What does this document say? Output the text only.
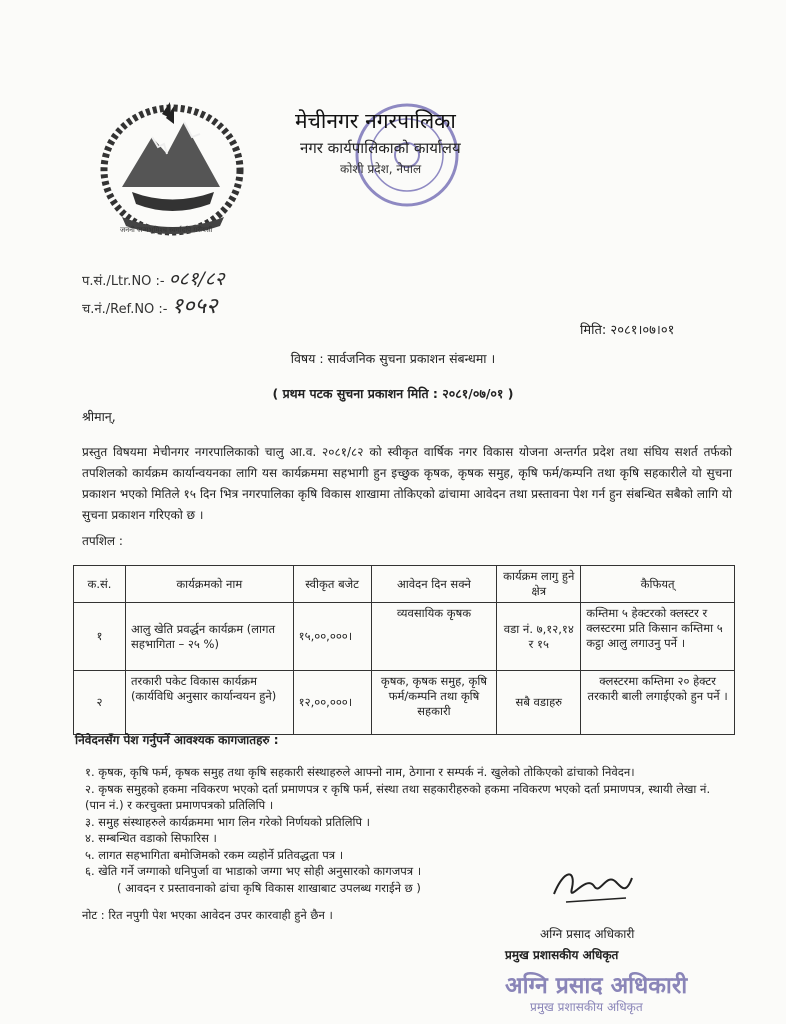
जननी जन्मभूमिश्च स्वर्गादपि गरीयसी
मेचीनगर नगरपालिका
नगर कार्यपालिकाको कार्यालय
कोशी प्रदेश, नेपाल
प.सं./Ltr.NO :- ०८१/८२
च.नं./Ref.NO :- १०५२
मिति: २०८१।०७।०१
विषय : सार्वजनिक सुचना प्रकाशन संबन्धमा ।
( प्रथम पटक सुचना प्रकाशन मिति : २०८१/०७/०१ )
श्रीमान्,
प्रस्तुत विषयमा मेचीनगर नगरपालिकाको चालु आ.व. २०८१/८२ को स्वीकृत वार्षिक नगर विकास योजना अन्तर्गत प्रदेश तथा संघिय सशर्त तर्फको तपशिलको कार्यक्रम कार्यान्वयनका लागि यस कार्यक्रममा सहभागी हुन इच्छुक कृषक, कृषक समुह, कृषि फर्म/कम्पनि तथा कृषि सहकारीले यो सुचना प्रकाशन भएको मितिले १५ दिन भित्र नगरपालिका कृषि विकास शाखामा तोकिएको ढांचामा आवेदन तथा प्रस्तावना पेश गर्न हुन संबन्धित सबैको लागि यो सुचना प्रकाशन गरिएको छ ।
तपशिल :
क.सं.	कार्यक्रमको नाम	स्वीकृत बजेट	आवेदन दिन सक्ने	कार्यक्रम लागु हुने क्षेत्र	कैफियत्
१	आलु खेति प्रवर्द्धन कार्यक्रम (लागत सहभागिता – २५ %)	१५,००,०००।	व्यवसायिक कृषक	वडा नं. ७,१२,१४ र १५	कम्तिमा ५ हेक्टरको क्लस्टर र क्लस्टरमा प्रति किसान कम्तिमा ५ कट्ठा आलु लगाउनु पर्ने ।
२	तरकारी पकेट विकास कार्यक्रम (कार्यविधि अनुसार कार्यान्वयन हुने)	१२,००,०००।	कृषक, कृषक समुह, कृषि फर्म/कम्पनि तथा कृषि सहकारी	सबै वडाहरु	क्लस्टरमा कम्तिमा २० हेक्टर तरकारी बाली लगाईएको हुन पर्ने ।
निवेदनसँग पेश गर्नुपर्ने आवश्यक कागजातहरु :
१. कृषक, कृषि फर्म, कृषक समुह तथा कृषि सहकारी संस्थाहरुले आफ्नो नाम, ठेगाना र सम्पर्क नं. खुलेको तोकिएको ढांचाको निवेदन।
२. कृषक समुहको हकमा नविकरण भएको दर्ता प्रमाणपत्र र कृषि फर्म, संस्था तथा सहकारीहरुको हकमा नविकरण भएको दर्ता प्रमाणपत्र, स्थायी लेखा नं. (पान नं.) र करचुक्ता प्रमाणपत्रको प्रतिलिपि ।
३. समुह संस्थाहरुले कार्यक्रममा भाग लिन गरेको निर्णयको प्रतिलिपि ।
४. सम्बन्धित वडाको सिफारिस ।
५. लागत सहभागिता बमोजिमको रकम व्यहोर्ने प्रतिवद्धता पत्र ।
६. खेति गर्ने जग्गाको धनिपुर्जा वा भाडाको जग्गा भए सोही अनुसारको कागजपत्र ।
( आवदन र प्रस्तावनाको ढांचा कृषि विकास शाखाबाट उपलब्ध गराईने छ )
नोट : रित नपुगी पेश भएका आवेदन उपर कारवाही हुने छैन ।
अग्नि प्रसाद अधिकारी
प्रमुख प्रशासकीय अधिकृत
अग्नि प्रसाद अधिकारी
प्रमुख प्रशासकीय अधिकृत
